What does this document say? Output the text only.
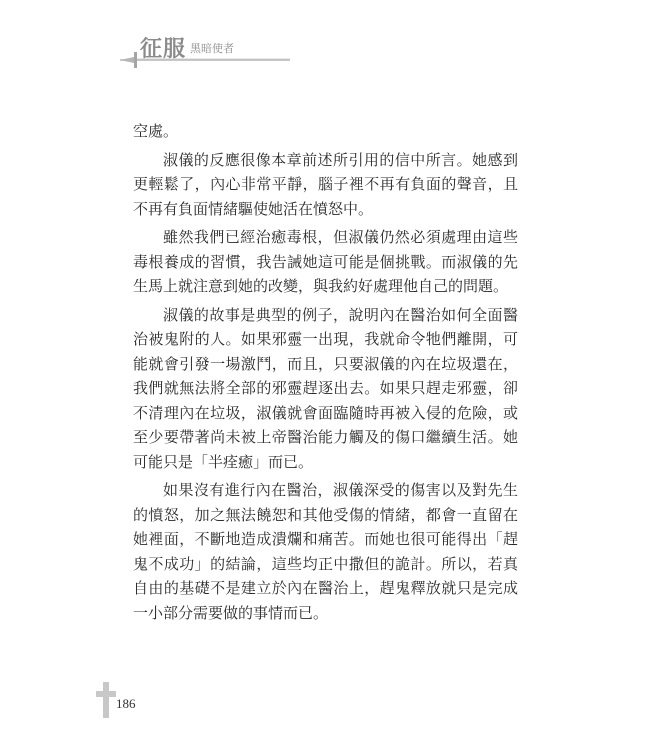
征服 黑暗使者

空處。

淑儀的反應很像本章前述所引用的信中所言。她感到更輕鬆了，內心非常平靜，腦子裡不再有負面的聲音，且不再有負面情緒驅使她活在憤怒中。

雖然我們已經治癒毒根，但淑儀仍然必須處理由這些毒根養成的習慣，我告誡她這可能是個挑戰。而淑儀的先生馬上就注意到她的改變，與我約好處理他自己的問題。

淑儀的故事是典型的例子，說明內在醫治如何全面醫治被鬼附的人。如果邪靈一出現，我就命令牠們離開，可能就會引發一場激鬥，而且，只要淑儀的內在垃圾還在，我們就無法將全部的邪靈趕逐出去。如果只趕走邪靈，卻不清理內在垃圾，淑儀就會面臨隨時再被入侵的危險，或至少要帶著尚未被上帝醫治能力觸及的傷口繼續生活。她可能只是「半痊癒」而已。

如果沒有進行內在醫治，淑儀深受的傷害以及對先生的憤怒，加之無法饒恕和其他受傷的情緒，都會一直留在她裡面，不斷地造成潰爛和痛苦。而她也很可能得出「趕鬼不成功」的結論，這些均正中撒但的詭計。所以，若真自由的基礎不是建立於內在醫治上，趕鬼釋放就只是完成一小部分需要做的事情而已。

186
